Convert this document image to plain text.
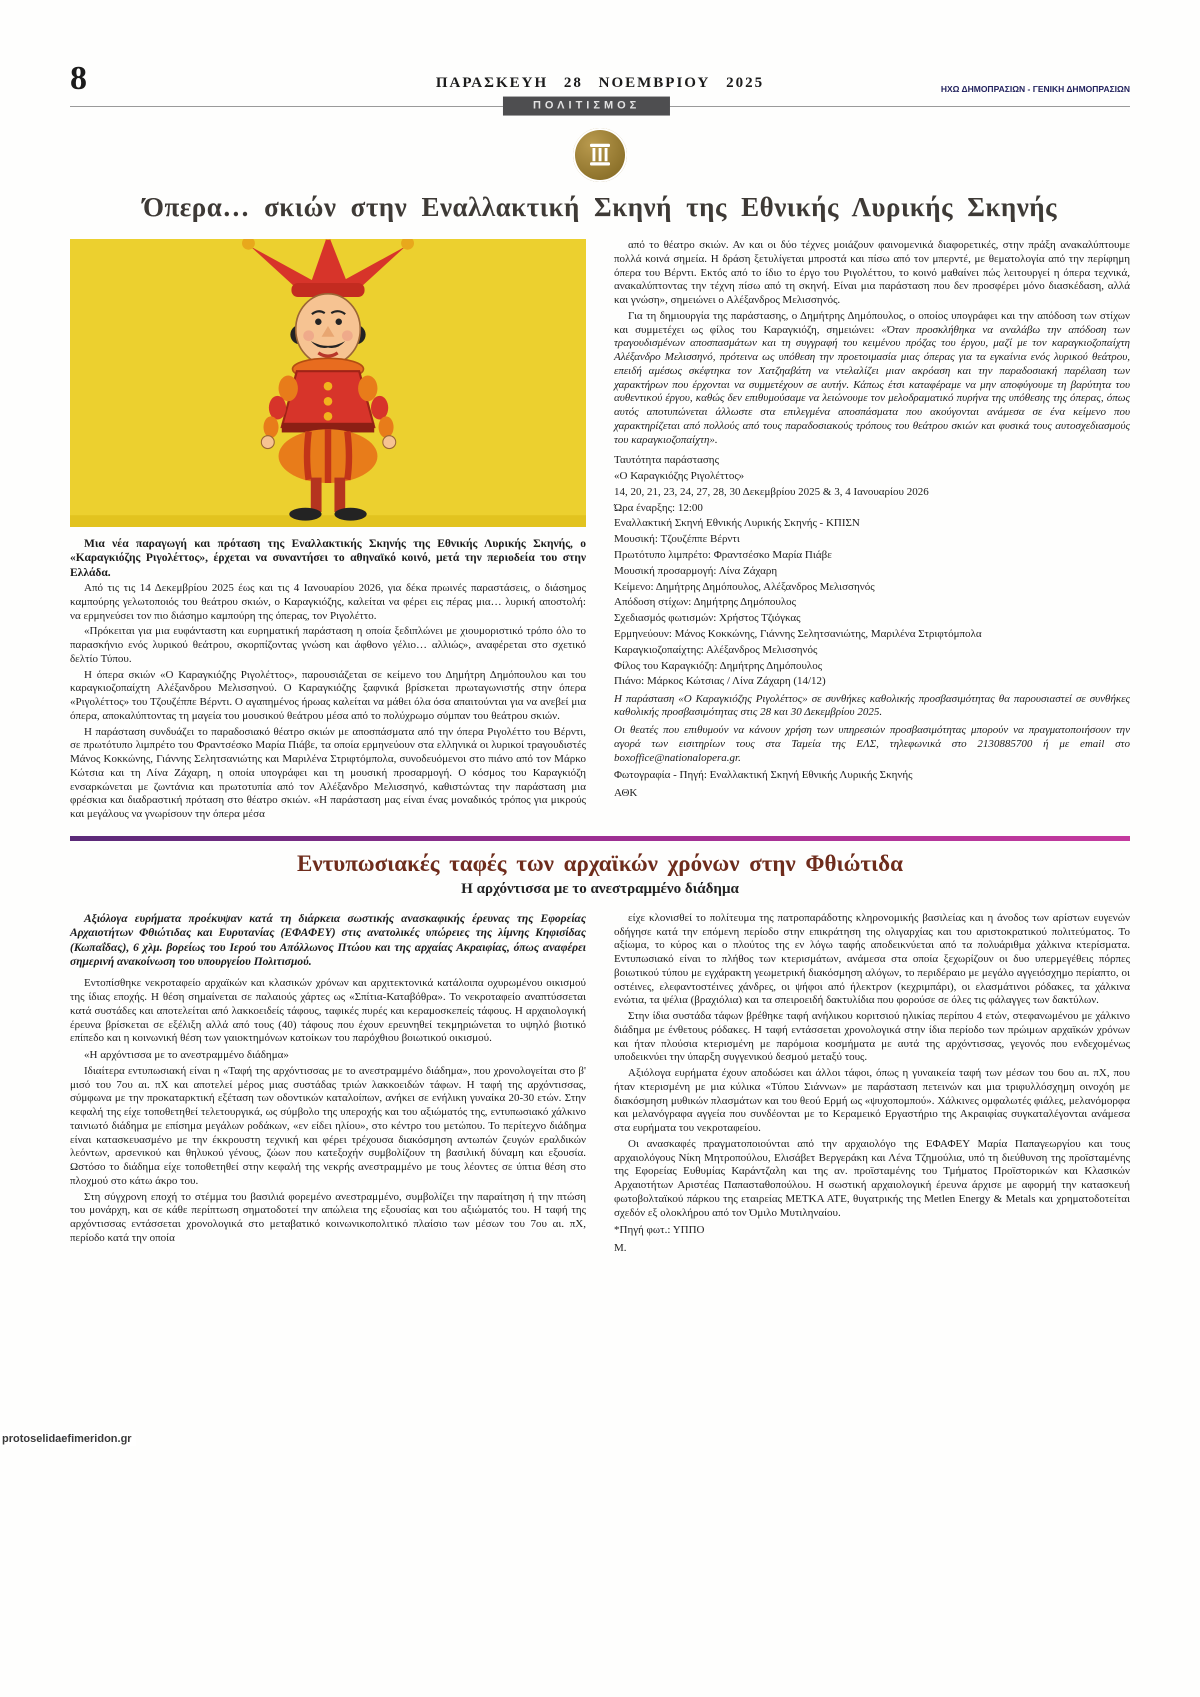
8	ΠΑΡΑΣΚΕΥΗ 28 ΝΟΕΜΒΡΙΟΥ 2025	ΗΧΩ ΔΗΜΟΠΡΑΣΙΩΝ - ΓΕΝΙΚΗ ΔΗΜΟΠΡΑΣΙΩΝ
ΠΟΛΙΤΙΣΜΟΣ
Όπερα… σκιών στην Εναλλακτική Σκηνή της Εθνικής Λυρικής Σκηνής

Μια νέα παραγωγή και πρόταση της Εναλλακτικής Σκηνής της Εθνικής Λυρικής Σκηνής, ο «Καραγκιόζης Ριγολέττος», έρχεται να συναντήσει το αθηναϊκό κοινό, μετά την περιοδεία του στην Ελλάδα.

Από τις τις 14 Δεκεμβρίου 2025 έως και τις 4 Ιανουαρίου 2026, για δέκα πρωινές παραστάσεις, ο διάσημος καμπούρης γελωτοποιός του θεάτρου σκιών, ο Καραγκιόζης, καλείται να φέρει εις πέρας μια… λυρική αποστολή: να ερμηνεύσει τον πιο διάσημο καμπούρη της όπερας, τον Ριγολέττο.

«Πρόκειται για μια ευφάνταστη και ευρηματική παράσταση η οποία ξεδιπλώνει με χιουμοριστικό τρόπο όλο το παρασκήνιο ενός λυρικού θεάτρου, σκορπίζοντας γνώση και άφθονο γέλιο… αλλιώς», αναφέρεται στο σχετικό δελτίο Τύπου.

Η όπερα σκιών «Ο Καραγκιόζης Ριγολέττος», παρουσιάζεται σε κείμενο του Δημήτρη Δημόπουλου και του καραγκιοζοπαίχτη Αλέξανδρου Μελισσηνού. Ο Καραγκιόζης ξαφνικά βρίσκεται πρωταγωνιστής στην όπερα «Ριγολέττος» του Τζουζέππε Βέρντι. Ο αγαπημένος ήρωας καλείται να μάθει όλα όσα απαιτούνται για να ανεβεί μια όπερα, αποκαλύπτοντας τη μαγεία του μουσικού θεάτρου μέσα από το πολύχρωμο σύμπαν του θεάτρου σκιών.

Η παράσταση συνδυάζει το παραδοσιακό θέατρο σκιών με αποσπάσματα από την όπερα Ριγολέττο του Βέρντι, σε πρωτότυπο λιμπρέτο του Φραντσέσκο Μαρία Πιάβε, τα οποία ερμηνεύουν στα ελληνικά οι λυρικοί τραγουδιστές Μάνος Κοκκώνης, Γιάννης Σελητσανιώτης και Μαριλένα Στριφτόμπολα, συνοδευόμενοι στο πιάνο από τον Μάρκο Κώτσια και τη Λίνα Ζάχαρη, η οποία υπογράφει και τη μουσική προσαρμογή. Ο κόσμος του Καραγκιόζη ενσαρκώνεται με ζωντάνια και πρωτοτυπία από τον Αλέξανδρο Μελισσηνό, καθιστώντας την παράσταση μια φρέσκια και διαδραστική πρόταση στο θέατρο σκιών. «Η παράσταση μας είναι ένας μοναδικός τρόπος για μικρούς και μεγάλους να γνωρίσουν την όπερα μέσα

από το θέατρο σκιών. Αν και οι δύο τέχνες μοιάζουν φαινομενικά διαφορετικές, στην πράξη ανακαλύπτουμε πολλά κοινά σημεία. Η δράση ξετυλίγεται μπροστά και πίσω από τον μπερντέ, με θεματολογία από την περίφημη όπερα του Βέρντι. Εκτός από το ίδιο το έργο του Ριγολέττου, το κοινό μαθαίνει πώς λειτουργεί η όπερα τεχνικά, ανακαλύπτοντας την τέχνη πίσω από τη σκηνή. Είναι μια παράσταση που δεν προσφέρει μόνο διασκέδαση, αλλά και γνώση», σημειώνει ο Αλέξανδρος Μελισσηνός.

Για τη δημιουργία της παράστασης, ο Δημήτρης Δημόπουλος, ο οποίος υπογράφει και την απόδοση των στίχων και συμμετέχει ως φίλος του Καραγκιόζη, σημειώνει: «Όταν προσκλήθηκα να αναλάβω την απόδοση των τραγουδισμένων αποσπασμάτων και τη συγγραφή του κειμένου πρόζας του έργου, μαζί με τον καραγκιοζοπαίχτη Αλέξανδρο Μελισσηνό, πρότεινα ως υπόθεση την προετοιμασία μιας όπερας για τα εγκαίνια ενός λυρικού θεάτρου, επειδή αμέσως σκέφτηκα τον Χατζηαβάτη να ντελαλίζει μιαν ακρόαση και την παραδοσιακή παρέλαση των χαρακτήρων που έρχονται να συμμετέχουν σε αυτήν. Κάπως έτσι καταφέραμε να μην αποφύγουμε τη βαρύτητα του αυθεντικού έργου, καθώς δεν επιθυμούσαμε να λειώνουμε τον μελοδραματικό πυρήνα της υπόθεσης της όπερας, όπως αυτός αποτυπώνεται άλλωστε στα επιλεγμένα αποσπάσματα που ακούγονται ανάμεσα σε ένα κείμενο που χαρακτηρίζεται από πολλούς από τους παραδοσιακούς τρόπους του θεάτρου σκιών και φυσικά τους αυτοσχεδιασμούς του καραγκιοζοπαίχτη».

Ταυτότητα παράστασης
«Ο Καραγκιόζης Ριγολέττος»
14, 20, 21, 23, 24, 27, 28, 30 Δεκεμβρίου 2025 & 3, 4 Ιανουαρίου 2026
Ώρα έναρξης: 12:00
Εναλλακτική Σκηνή Εθνικής Λυρικής Σκηνής - ΚΠΙΣΝ
Μουσική: Τζουζέππε Βέρντι
Πρωτότυπο λιμπρέτο: Φραντσέσκο Μαρία Πιάβε
Μουσική προσαρμογή: Λίνα Ζάχαρη
Κείμενο: Δημήτρης Δημόπουλος, Αλέξανδρος Μελισσηνός
Απόδοση στίχων: Δημήτρης Δημόπουλος
Σχεδιασμός φωτισμών: Χρήστος Τζιόγκας
Ερμηνεύουν: Μάνος Κοκκώνης, Γιάννης Σελητσανιώτης, Μαριλένα Στριφτόμπολα
Καραγκιοζοπαίχτης: Αλέξανδρος Μελισσηνός
Φίλος του Καραγκιόζη: Δημήτρης Δημόπουλος
Πιάνο: Μάρκος Κώτσιας / Λίνα Ζάχαρη (14/12)

Η παράσταση «Ο Καραγκιόζης Ριγολέττος» σε συνθήκες καθολικής προσβασιμότητας θα παρουσιαστεί σε συνθήκες καθολικής προσβασιμότητας στις 28 και 30 Δεκεμβρίου 2025.

Οι θεατές που επιθυμούν να κάνουν χρήση των υπηρεσιών προσβασιμότητας μπορούν να πραγματοποιήσουν την αγορά των εισιτηρίων τους στα Ταμεία της ΕΛΣ, τηλεφωνικά στο 2130885700 ή με email στο boxoffice@nationalopera.gr.

Φωτογραφία - Πηγή: Εναλλακτική Σκηνή Εθνικής Λυρικής Σκηνής

ΑΘΚ

Εντυπωσιακές ταφές των αρχαϊκών χρόνων στην Φθιώτιδα
Η αρχόντισσα με το ανεστραμμένο διάδημα

Αξιόλογα ευρήματα προέκυψαν κατά τη διάρκεια σωστικής ανασκαφικής έρευνας της Εφορείας Αρχαιοτήτων Φθιώτιδας και Ευρυτανίας (ΕΦΑΦΕΥ) στις ανατολικές υπώρειες της λίμνης Κηφισίδας (Κωπαΐδας), 6 χλμ. βορείως του Ιερού του Απόλλωνος Πτώου και της αρχαίας Ακραιφίας, όπως αναφέρει σημερινή ανακοίνωση του υπουργείου Πολιτισμού.

Εντοπίσθηκε νεκροταφείο αρχαϊκών και κλασικών χρόνων και αρχιτεκτονικά κατάλοιπα οχυρωμένου οικισμού της ίδιας εποχής. Η θέση σημαίνεται σε παλαιούς χάρτες ως «Σπίτια-Καταβόθρα». Το νεκροταφείο αναπτύσσεται κατά συστάδες και αποτελείται από λακκοειδείς τάφους, ταφικές πυρές και κεραμοσκεπείς τάφους. Η αρχαιολογική έρευνα βρίσκεται σε εξέλιξη αλλά από τους (40) τάφους που έχουν ερευνηθεί τεκμηριώνεται το υψηλό βιοτικό επίπεδο και η κοινωνική θέση των γαιοκτημόνων κατοίκων του παρόχθιου βοιωτικού οικισμού.

«Η αρχόντισσα με το ανεστραμμένο διάδημα»

Ιδιαίτερα εντυπωσιακή είναι η «Ταφή της αρχόντισσας με το ανεστραμμένο διάδημα», που χρονολογείται στο β' μισό του 7ου αι. πΧ και αποτελεί μέρος μιας συστάδας τριών λακκοειδών τάφων. Η ταφή της αρχόντισσας, σύμφωνα με την προκαταρκτική εξέταση των οδοντικών καταλοίπων, ανήκει σε ενήλικη γυναίκα 20-30 ετών. Στην κεφαλή της είχε τοποθετηθεί τελετουργικά, ως σύμβολο της υπεροχής και του αξιώματός της, εντυπωσιακό χάλκινο ταινιωτό διάδημα με επίσημα μεγάλων ροδάκων, «εν είδει ηλίου», στο κέντρο του μετώπου. Το περίτεχνο διάδημα είναι κατασκευασμένο με την έκκρουστη τεχνική και φέρει τρέχουσα διακόσμηση αντωπών ζευγών εραλδικών λεόντων, αρσενικού και θηλυκού γένους, ζώων που κατεξοχήν συμβολίζουν τη βασιλική δύναμη και εξουσία. Ωστόσο το διάδημα είχε τοποθετηθεί στην κεφαλή της νεκρής ανεστραμμένο με τους λέοντες σε ύπτια θέση στο πλοχμού στο κάτω άκρο του.

Στη σύγχρονη εποχή το στέμμα του βασιλιά φορεμένο ανεστραμμένο, συμβολίζει την παραίτηση ή την πτώση του μονάρχη, και σε κάθε περίπτωση σηματοδοτεί την απώλεια της εξουσίας και του αξιώματός του. Η ταφή της αρχόντισσας εντάσσεται χρονολογικά στο μεταβατικό κοινωνικοπολιτικό πλαίσιο των μέσων του 7ου αι. πΧ, περίοδο κατά την οποία

είχε κλονισθεί το πολίτευμα της πατροπαράδοτης κληρονομικής βασιλείας και η άνοδος των αρίστων ευγενών οδήγησε κατά την επόμενη περίοδο στην επικράτηση της ολιγαρχίας και του αριστοκρατικού πολιτεύματος. Το αξίωμα, το κύρος και ο πλούτος της εν λόγω ταφής αποδεικνύεται από τα πολυάριθμα χάλκινα κτερίσματα. Εντυπωσιακό είναι το πλήθος των κτερισμάτων, ανάμεσα στα οποία ξεχωρίζουν οι δυο υπερμεγέθεις πόρπες βοιωτικού τύπου με εγχάρακτη γεωμετρική διακόσμηση αλόγων, το περιδέραιο με μεγάλο αγγειόσχημο περίαπτο, οι οστέινες, ελεφαντοστέινες χάνδρες, οι ψήφοι από ήλεκτρον (κεχριμπάρι), οι ελασμάτινοι ρόδακες, τα χάλκινα ενώτια, τα ψέλια (βραχιόλια) και τα σπειροειδή δακτυλίδια που φορούσε σε όλες τις φάλαγγες των δακτύλων.

Στην ίδια συστάδα τάφων βρέθηκε ταφή ανήλικου κοριτσιού ηλικίας περίπου 4 ετών, στεφανωμένου με χάλκινο διάδημα με ένθετους ρόδακες. Η ταφή εντάσσεται χρονολογικά στην ίδια περίοδο των πρώιμων αρχαϊκών χρόνων και ήταν πλούσια κτερισμένη με παρόμοια κοσμήματα με αυτά της αρχόντισσας, γεγονός που ενδεχομένως υποδεικνύει την ύπαρξη συγγενικού δεσμού μεταξύ τους.

Αξιόλογα ευρήματα έχουν αποδώσει και άλλοι τάφοι, όπως η γυναικεία ταφή των μέσων του 6ου αι. πΧ, που ήταν κτερισμένη με μια κύλικα «Τύπου Σιάννων» με παράσταση πετεινών και μια τριφυλλόσχημη οινοχόη με διακόσμηση μυθικών πλασμάτων και του θεού Ερμή ως «ψυχοπομπού». Χάλκινες ομφαλωτές φιάλες, μελανόμορφα και μελανόγραφα αγγεία που συνδέονται με το Κεραμεικό Εργαστήριο της Ακραιφίας συγκαταλέγονται ανάμεσα στα ευρήματα του νεκροταφείου.

Οι ανασκαφές πραγματοποιούνται από την αρχαιολόγο της ΕΦΑΦΕΥ Μαρία Παπαγεωργίου και τους αρχαιολόγους Νίκη Μητροπούλου, Ελισάβετ Βεργεράκη και Λένα Τζημούλια, υπό τη διεύθυνση της προϊσταμένης της Εφορείας Ευθυμίας Καράντζαλη και της αν. προϊσταμένης του Τμήματος Προϊστορικών και Κλασικών Αρχαιοτήτων Αριστέας Παπασταθοπούλου. Η σωστική αρχαιολογική έρευνα άρχισε με αφορμή την κατασκευή φωτοβολταϊκού πάρκου της εταιρείας ΜΕΤΚΑ ΑΤΕ, θυγατρικής της Metlen Energy & Metals και χρηματοδοτείται σχεδόν εξ ολοκλήρου από τον Όμιλο Μυτιληναίου.

*Πηγή φωτ.: ΥΠΠΟ

Μ.

protoselidaefimeridon.gr
